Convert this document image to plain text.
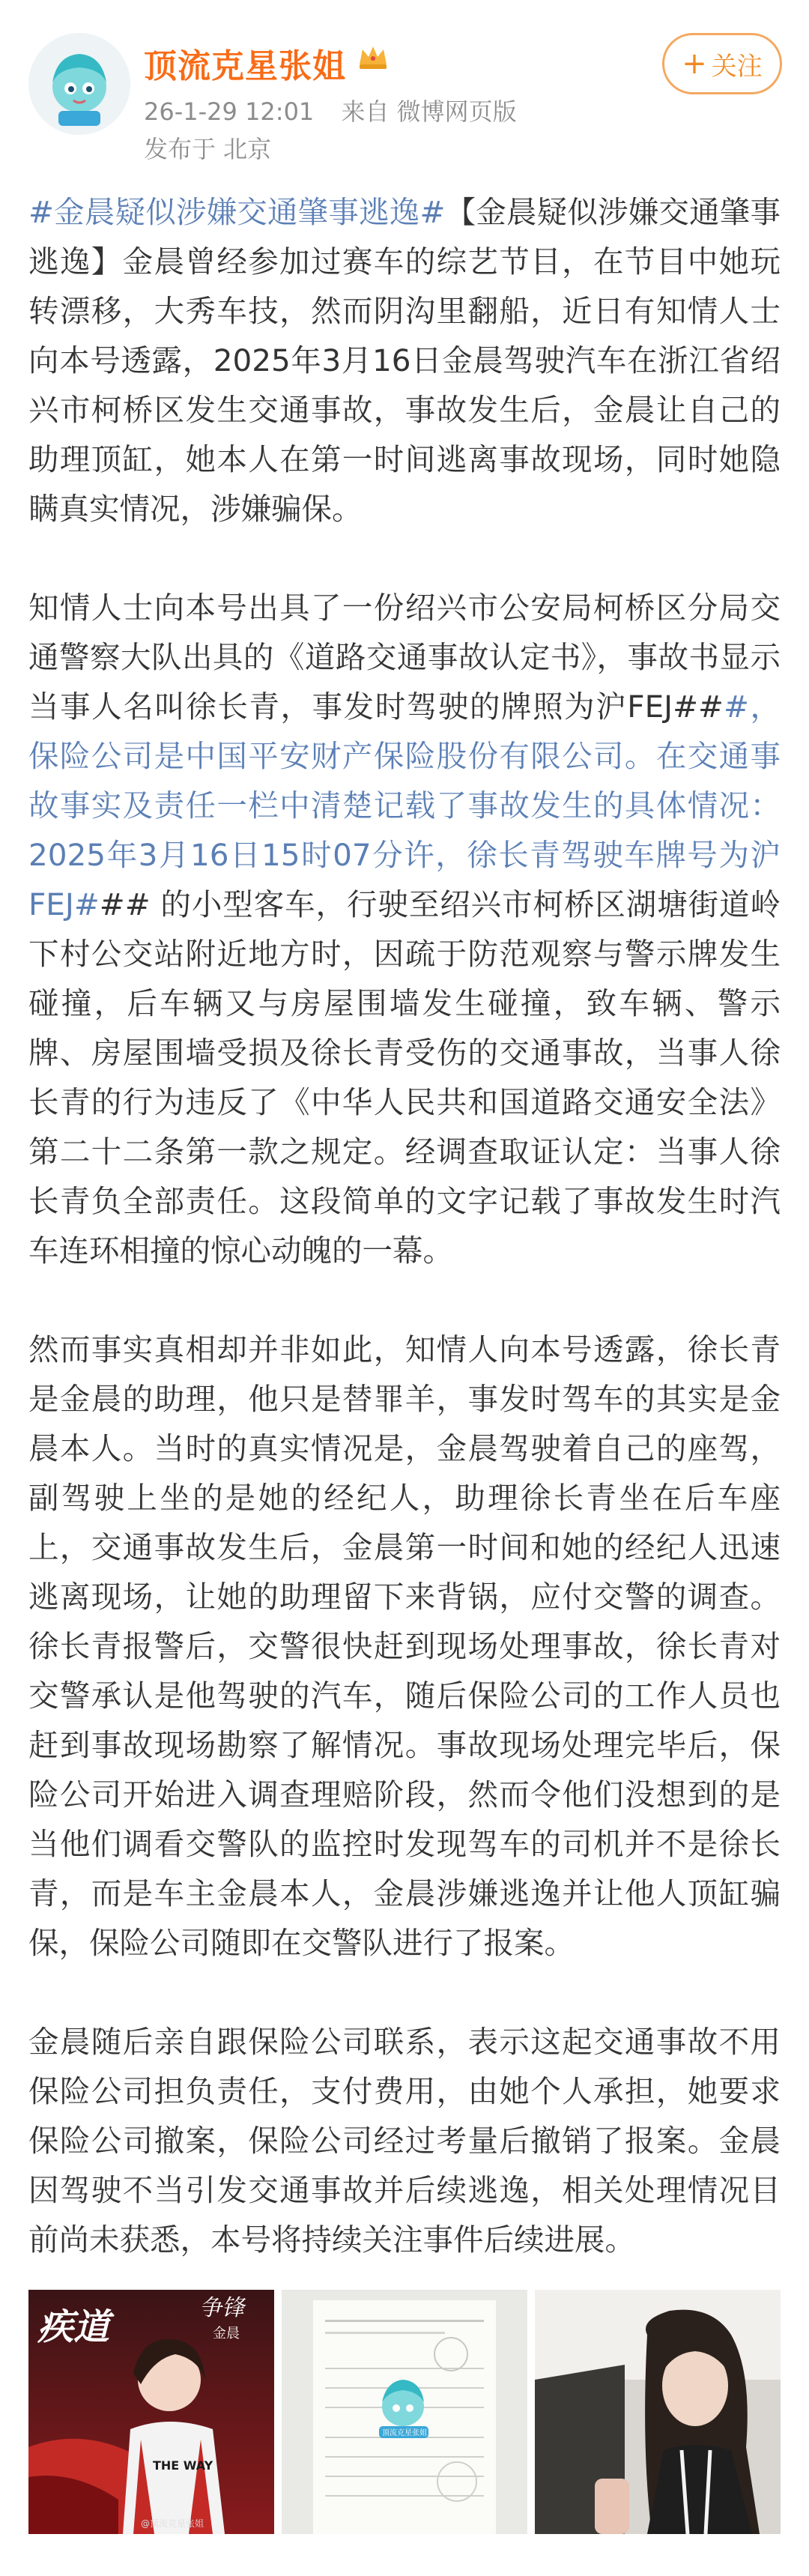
顶流克星张姐
26-1-29 12:01 来自 微博网页版
发布于 北京
+ 关注

#金晨疑似涉嫌交通肇事逃逸#【金晨疑似涉嫌交通肇事逃逸】金晨曾经参加过赛车的综艺节目，在节目中她玩转漂移，大秀车技，然而阴沟里翻船，近日有知情人士向本号透露，2025年3月16日金晨驾驶汽车在浙江省绍兴市柯桥区发生交通事故，事故发生后，金晨让自己的助理顶缸，她本人在第一时间逃离事故现场，同时她隐瞒真实情况，涉嫌骗保。

知情人士向本号出具了一份绍兴市公安局柯桥区分局交通警察大队出具的《道路交通事故认定书》，事故书显示当事人名叫徐长青，事发时驾驶的牌照为沪FEJ###，保险公司是中国平安财产保险股份有限公司。在交通事故事实及责任一栏中清楚记载了事故发生的具体情况：2025年3月16日15时07分许，徐长青驾驶车牌号为沪FEJ### 的小型客车，行驶至绍兴市柯桥区湖塘街道岭下村公交站附近地方时，因疏于防范观察与警示牌发生碰撞，后车辆又与房屋围墙发生碰撞，致车辆、警示牌、房屋围墙受损及徐长青受伤的交通事故，当事人徐长青的行为违反了《中华人民共和国道路交通安全法》第二十二条第一款之规定。经调查取证认定：当事人徐长青负全部责任。这段简单的文字记载了事故发生时汽车连环相撞的惊心动魄的一幕。

然而事实真相却并非如此，知情人向本号透露，徐长青是金晨的助理，他只是替罪羊，事发时驾车的其实是金晨本人。当时的真实情况是，金晨驾驶着自己的座驾，副驾驶上坐的是她的经纪人，助理徐长青坐在后车座上，交通事故发生后，金晨第一时间和她的经纪人迅速逃离现场，让她的助理留下来背锅，应付交警的调查。徐长青报警后，交警很快赶到现场处理事故，徐长青对交警承认是他驾驶的汽车，随后保险公司的工作人员也赶到事故现场勘察了解情况。事故现场处理完毕后，保险公司开始进入调查理赔阶段，然而令他们没想到的是当他们调看交警队的监控时发现驾车的司机并不是徐长青，而是车主金晨本人，金晨涉嫌逃逸并让他人顶缸骗保，保险公司随即在交警队进行了报案。

金晨随后亲自跟保险公司联系，表示这起交通事故不用保险公司担负责任，支付费用，由她个人承担，她要求保险公司撤案，保险公司经过考量后撤销了报案。金晨因驾驶不当引发交通事故并后续逃逸，相关处理情况目前尚未获悉，本号将持续关注事件后续进展。

疾道	争锋
金晨
THE WAY
@顶流克星张姐
顶流克星张姐
